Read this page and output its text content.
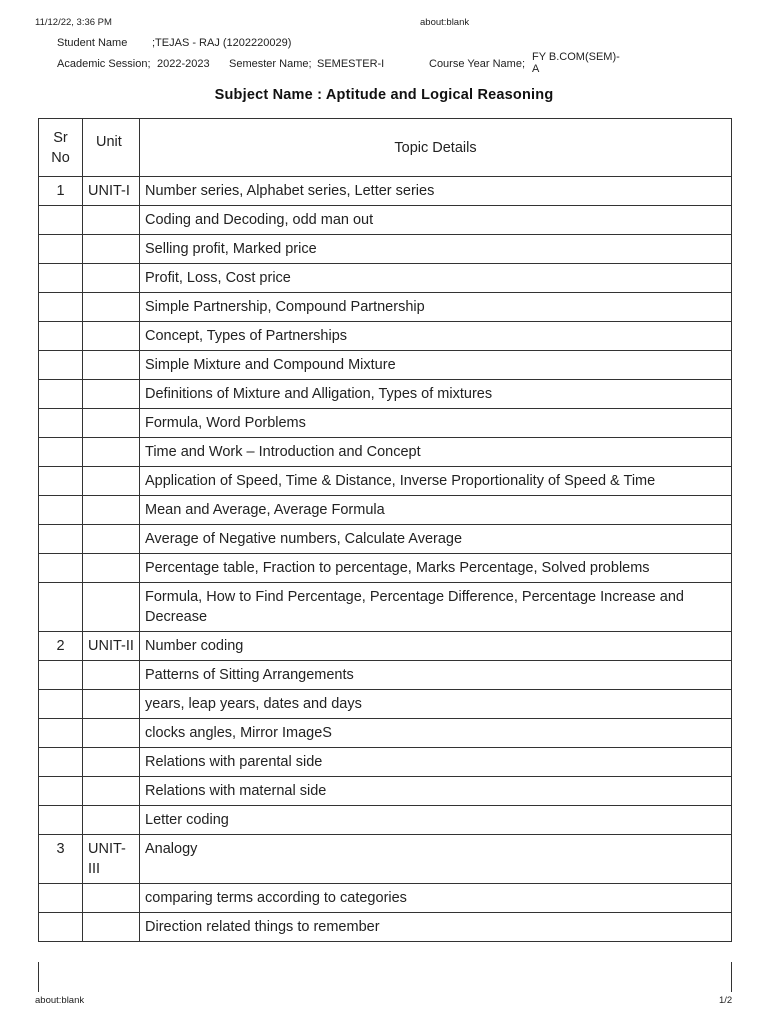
11/12/22, 3:36 PM	about:blank
Student Name ;TEJAS - RAJ (1202220029)
Academic Session; 2022-2023 Semester Name; SEMESTER-I	Course Year Name;
FY B.COM(SEM)-
A
Subject Name : Aptitude and Logical Reasoning
Sr
No	Unit	Topic Details
1	UNIT-I	Number series, Alphabet series, Letter series
		Coding and Decoding, odd man out
		Selling profit, Marked price
		Profit, Loss, Cost price
		Simple Partnership, Compound Partnership
		Concept, Types of Partnerships
		Simple Mixture and Compound Mixture
		Definitions of Mixture and Alligation, Types of mixtures
		Formula, Word Porblems
		Time and Work – Introduction and Concept
		Application of Speed, Time & Distance, Inverse Proportionality of Speed & Time
		Mean and Average, Average Formula
		Average of Negative numbers, Calculate Average
		Percentage table, Fraction to percentage, Marks Percentage, Solved problems
		Formula, How to Find Percentage, Percentage Difference, Percentage Increase and Decrease
2	UNIT-II	Number coding
		Patterns of Sitting Arrangements
		years, leap years, dates and days
		clocks angles, Mirror ImageS
		Relations with parental side
		Relations with maternal side
		Letter coding
3	UNIT-III	Analogy
		comparing terms according to categories
		Direction related things to remember
about:blank	1/2
